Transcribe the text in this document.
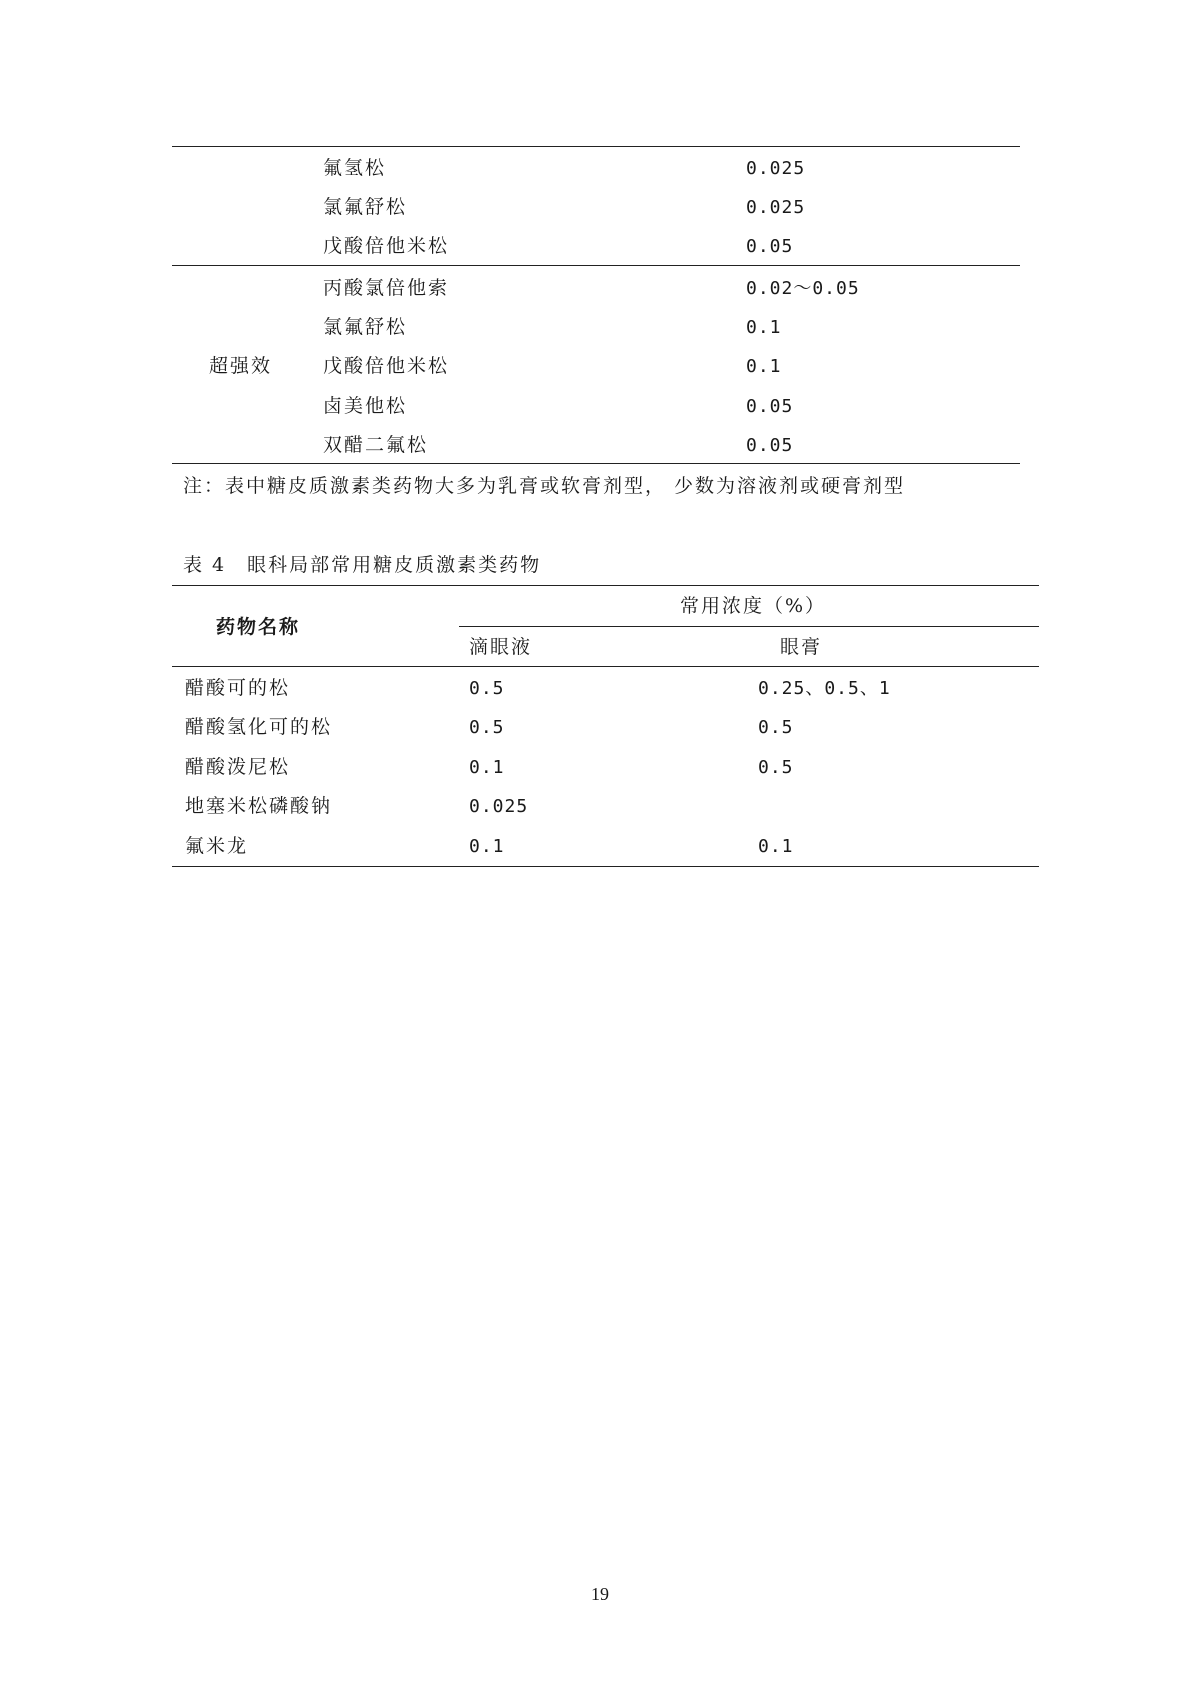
氟氢松	0.025
氯氟舒松	0.025
戊酸倍他米松	0.05
超强效
丙酸氯倍他索	0.02～0.05
氯氟舒松	0.1
戊酸倍他米松	0.1
卤美他松	0.05
双醋二氟松	0.05
注：表中糖皮质激素类药物大多为乳膏或软膏剂型， 少数为溶液剂或硬膏剂型
表 4　眼科局部常用糖皮质激素类药物
药物名称
常用浓度（%）
滴眼液	眼膏
醋酸可的松	0.5	0.25、0.5、1
醋酸氢化可的松	0.5	0.5
醋酸泼尼松	0.1	0.5
地塞米松磷酸钠	0.025
氟米龙	0.1	0.1
19
